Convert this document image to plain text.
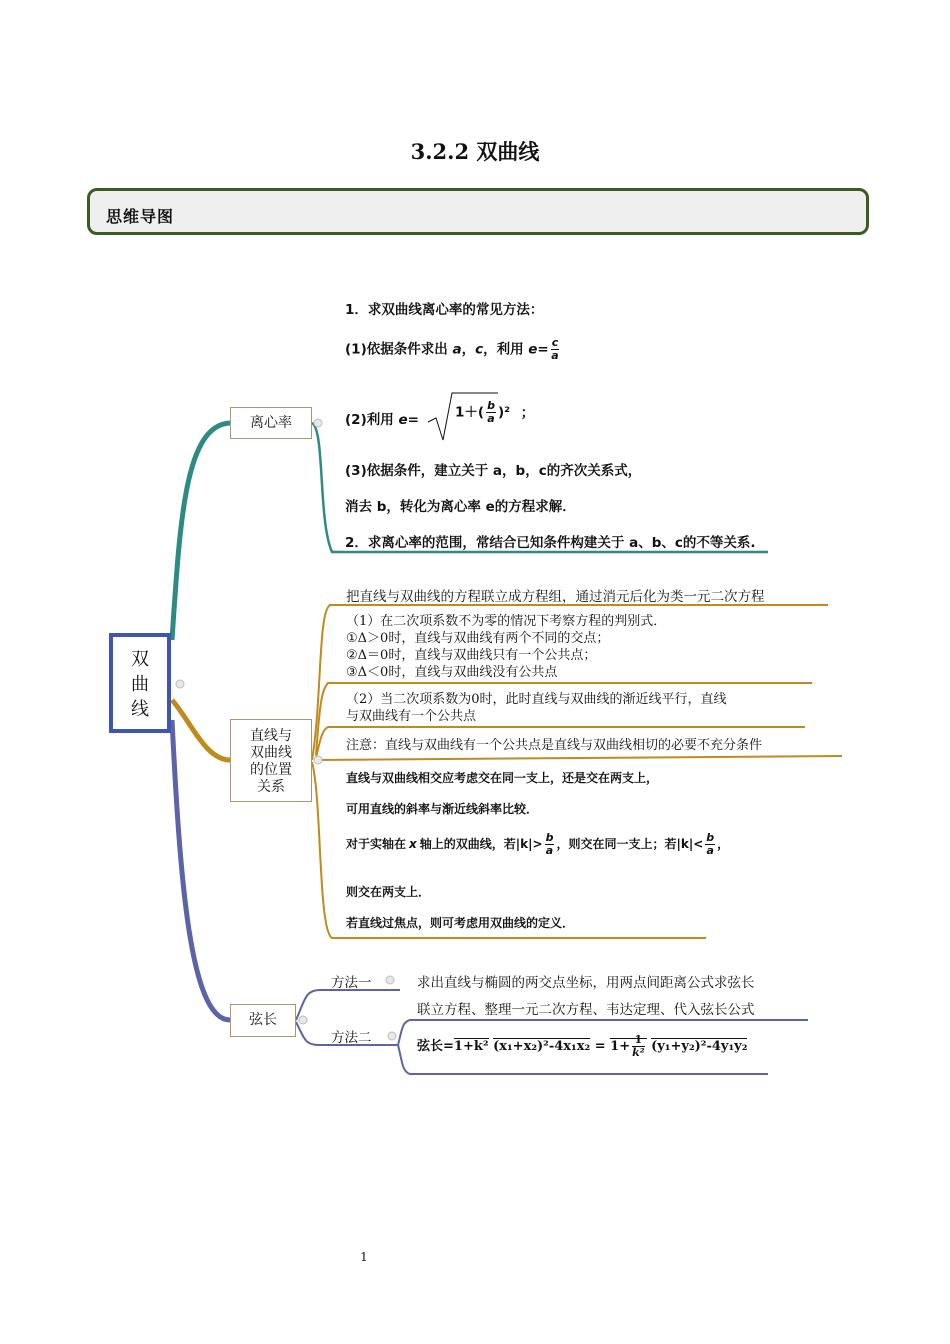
3.2.2 双曲线
思维导图
双
曲
线
离心率
直线与
双曲线
的位置
关系
弦长
1．求双曲线离心率的常见方法：
(1)依据条件求出 a，c，利用 $e= \frac{c}{a}$
(2)利用 e=	$1+( \frac{b}{a} )^2$ ；
(3)依据条件，建立关于 a，b，c的齐次关系式，
消去 b，转化为离心率 e的方程求解．
2．求离心率的范围，常结合已知条件构建关于 a、b、c的不等关系.
把直线与双曲线的方程联立成方程组，通过消元后化为类一元二次方程
（1）在二次项系数不为零的情况下考察方程的判别式．
①Δ＞0时，直线与双曲线有两个不同的交点；
②Δ＝0时，直线与双曲线只有一个公共点；
③Δ＜0时，直线与双曲线没有公共点
（2）当二次项系数为0时，此时直线与双曲线的渐近线平行，直线
与双曲线有一个公共点
注意：直线与双曲线有一个公共点是直线与双曲线相切的必要不充分条件
直线与双曲线相交应考虑交在同一支上，还是交在两支上，
可用直线的斜率与渐近线斜率比较．
对于实轴在 x 轴上的双曲线，若$|k|> \frac{b}{a}$ ，则交在同一支上；若$|k|< \frac{b}{a}$ ，
则交在两支上．
若直线过焦点，则可考虑用双曲线的定义．
方法一	求出直线与椭圆的两交点坐标，用两点间距离公式求弦长
联立方程、整理一元二次方程、韦达定理、代入弦长公式
方法二
弦长=1+k² $(x_1+x_2)^2-4x_1x_2 = 1+ \frac{1}{\text{k²}} (y_1+y_2)^2-4y_1y_2$
1
